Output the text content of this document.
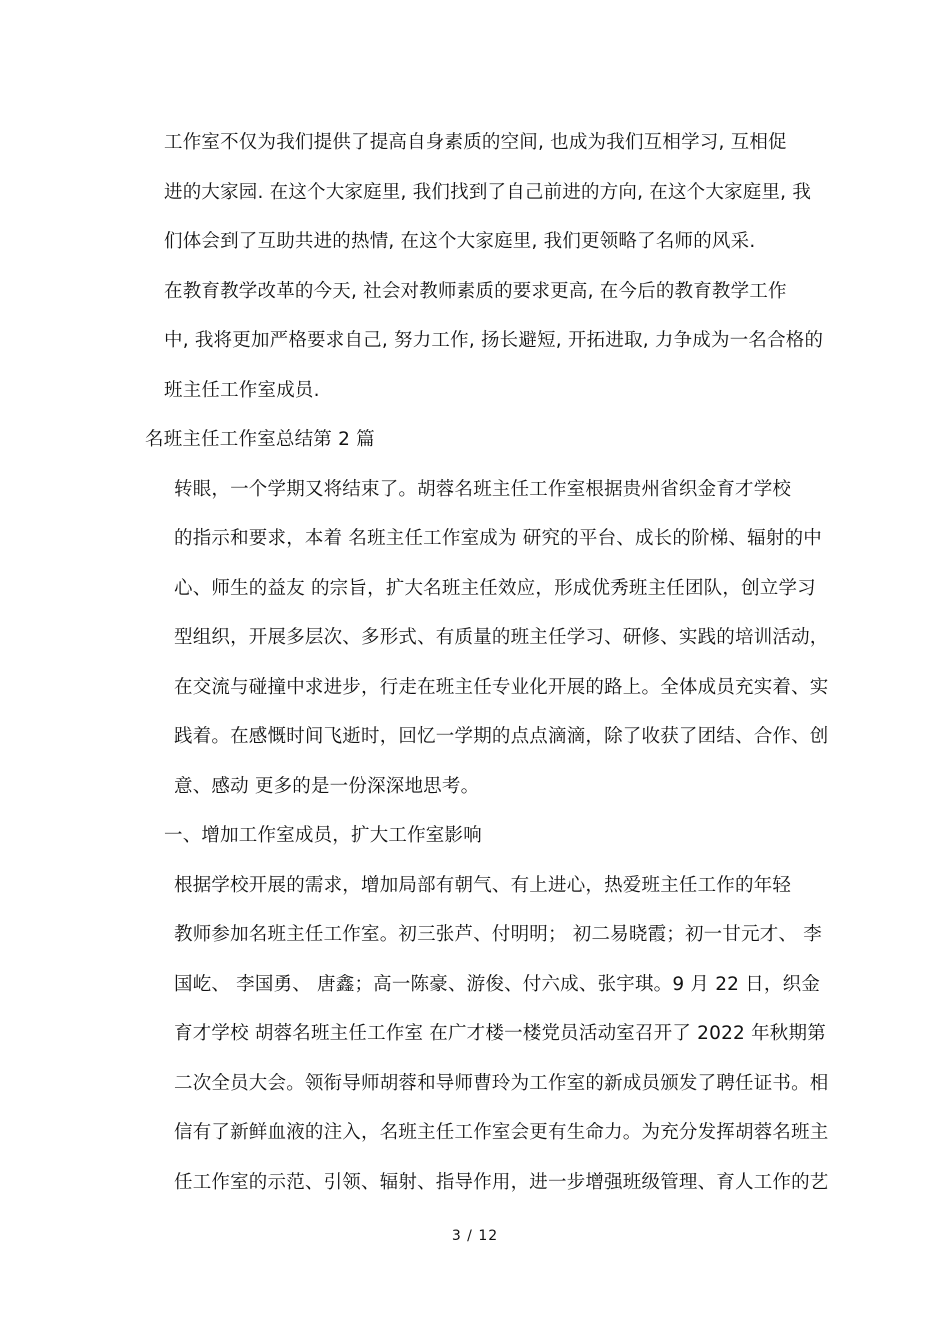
工作室不仅为我们提供了提高自身素质的空间, 也成为我们互相学习, 互相促
进的大家园. 在这个大家庭里, 我们找到了自己前进的方向, 在这个大家庭里, 我
们体会到了互助共进的热情, 在这个大家庭里, 我们更领略了名师的风采.

在教育教学改革的今天, 社会对教师素质的要求更高, 在今后的教育教学工作
中, 我将更加严格要求自己, 努力工作, 扬长避短, 开拓进取, 力争成为一名合格的
班主任工作室成员.

名班主任工作室总结第 2 篇

转眼，一个学期又将结束了。胡蓉名班主任工作室根据贵州省织金育才学校
的指示和要求，本着 名班主任工作室成为 研究的平台、成长的阶梯、辐射的中
心、师生的益友 的宗旨，扩大名班主任效应，形成优秀班主任团队，创立学习
型组织，开展多层次、多形式、有质量的班主任学习、研修、实践的培训活动，
在交流与碰撞中求进步，行走在班主任专业化开展的路上。全体成员充实着、实
践着。在感慨时间飞逝时，回忆一学期的点点滴滴，除了收获了团结、合作、创
意、感动 更多的是一份深深地思考。

一、增加工作室成员，扩大工作室影响

根据学校开展的需求，增加局部有朝气、有上进心，热爱班主任工作的年轻
教师参加名班主任工作室。初三张芦、付明明； 初二易晓霞；初一甘元才、 李
国屹、 李国勇、 唐鑫；高一陈豪、游俊、付六成、张宇琪。9 月 22 日，织金
育才学校 胡蓉名班主任工作室 在广才楼一楼党员活动室召开了 2022 年秋期第
二次全员大会。领衔导师胡蓉和导师曹玲为工作室的新成员颁发了聘任证书。相
信有了新鲜血液的注入，名班主任工作室会更有生命力。为充分发挥胡蓉名班主
任工作室的示范、引领、辐射、指导作用，进一步增强班级管理、育人工作的艺

3 / 12
